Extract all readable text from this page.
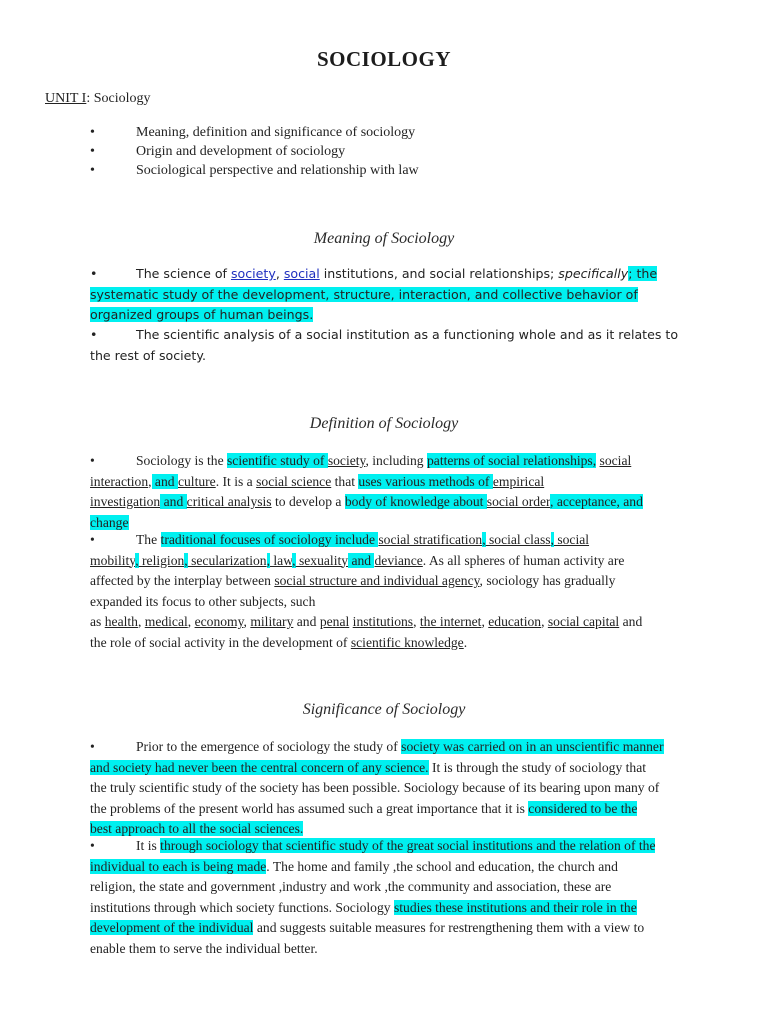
SOCIOLOGY
UNIT I: Sociology
•	Meaning, definition and significance of sociology
•	Origin and development of sociology
•	Sociological perspective and relationship with law
Meaning of Sociology
•	The science of society, social institutions, and social relationships; specifically; the
systematic study of the development, structure, interaction, and collective behavior of
organized groups of human beings.
•	The scientific analysis of a social institution as a functioning whole and as it relates to
the rest of society.
Definition of Sociology
•	Sociology is the scientific study of society, including patterns of social relationships, social
interaction, and culture. It is a social science that uses various methods of empirical
investigation and critical analysis to develop a body of knowledge about social order, acceptance, and
change
•	The traditional focuses of sociology include social stratification, social class, social
mobility, religion, secularization, law, sexuality and deviance. As all spheres of human activity are
affected by the interplay between social structure and individual agency, sociology has gradually
expanded its focus to other subjects, such
as health, medical, economy, military and penal institutions, the internet, education, social capital and
the role of social activity in the development of scientific knowledge.
Significance of Sociology
•	Prior to the emergence of sociology the study of society was carried on in an unscientific manner
and society had never been the central concern of any science. It is through the study of sociology that
the truly scientific study of the society has been possible. Sociology because of its bearing upon many of
the problems of the present world has assumed such a great importance that it is considered to be the
best approach to all the social sciences.
•	It is through sociology that scientific study of the great social institutions and the relation of the
individual to each is being made. The home and family ,the school and education, the church and
religion, the state and government ,industry and work ,the community and association, these are
institutions through which society functions. Sociology studies these institutions and their role in the
development of the individual and suggests suitable measures for restrengthening them with a view to
enable them to serve the individual better.
